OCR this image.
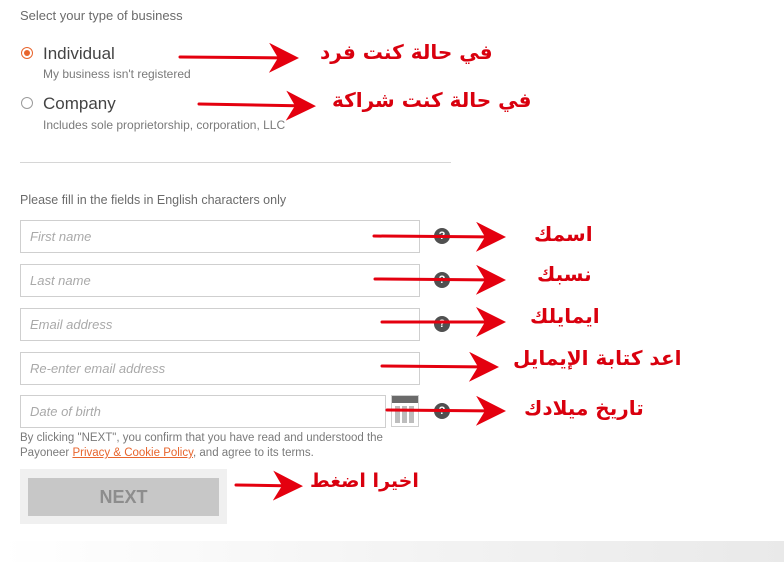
Select your type of business
Individual
My business isn't registered
Company
Includes sole proprietorship, corporation, LLC
Please fill in the fields in English characters only
First name
?
Last name
?
Email address
?
Re-enter email address
Date of birth
?
By clicking "NEXT", you confirm that you have read and understood the Payoneer Privacy & Cookie Policy, and agree to its terms.
NEXT
في حالة كنت فرد
في حالة كنت شراكة
اسمك
نسبك
ايمايلك
اعد كتابة الإيمايل
تاريخ ميلادك
اخيرا اضغط
